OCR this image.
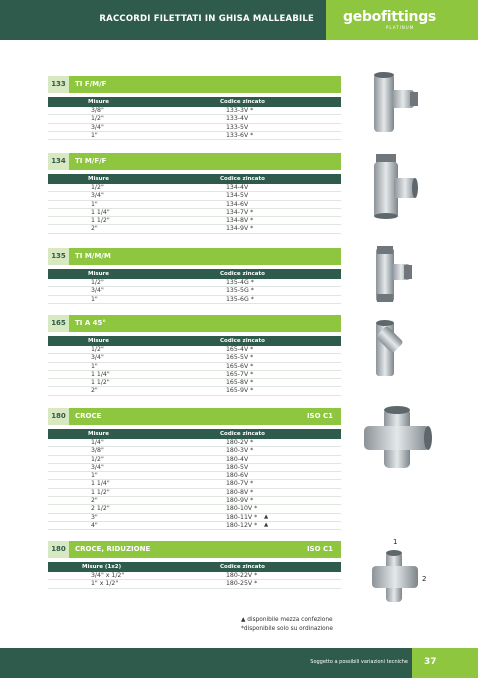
RACCORDI FILETTATI IN GHISA MALLEABILE gebofittings
PLATINUM
133	TI F/M/F
Misure	Codice zincato
3/8"	133-3V *
1/2"	133-4V
3/4"	133-5V
1"	133-6V *
134	TI M/F/F
Misure	Codice zincato
1/2"	134-4V
3/4"	134-5V
1"	134-6V
1 1/4"	134-7V *
1 1/2"	134-8V *
2"	134-9V *
135	TI M/M/M
Misure	Codice zincato
1/2"	135-4G *
3/4"	135-5G *
1"	135-6G *
165	TI A 45°
Misure	Codice zincato
1/2"	165-4V *
3/4"	165-5V *
1"	165-6V *
1 1/4"	165-7V *
1 1/2"	165-8V *
2"	165-9V *
180	CROCE	ISO C1
Misure	Codice zincato
1/4"	180-2V *
3/8"	180-3V *
1/2"	180-4V
3/4"	180-5V
1"	180-6V
1 1/4"	180-7V *
1 1/2"	180-8V *
2"	180-9V *
2 1/2"	180-10V *
3"	180-11V * ▲
4"	180-12V * ▲
180	CROCE, RIDUZIONE	ISO C1
Misure (1x2)	Codice zincato
3/4" x 1/2"	180-22V *
1" x 1/2"	180-25V *
1
2
▲ disponibile mezza confezione
*disponibile solo su ordinazione
Soggetto a possibili variazioni tecniche 37
